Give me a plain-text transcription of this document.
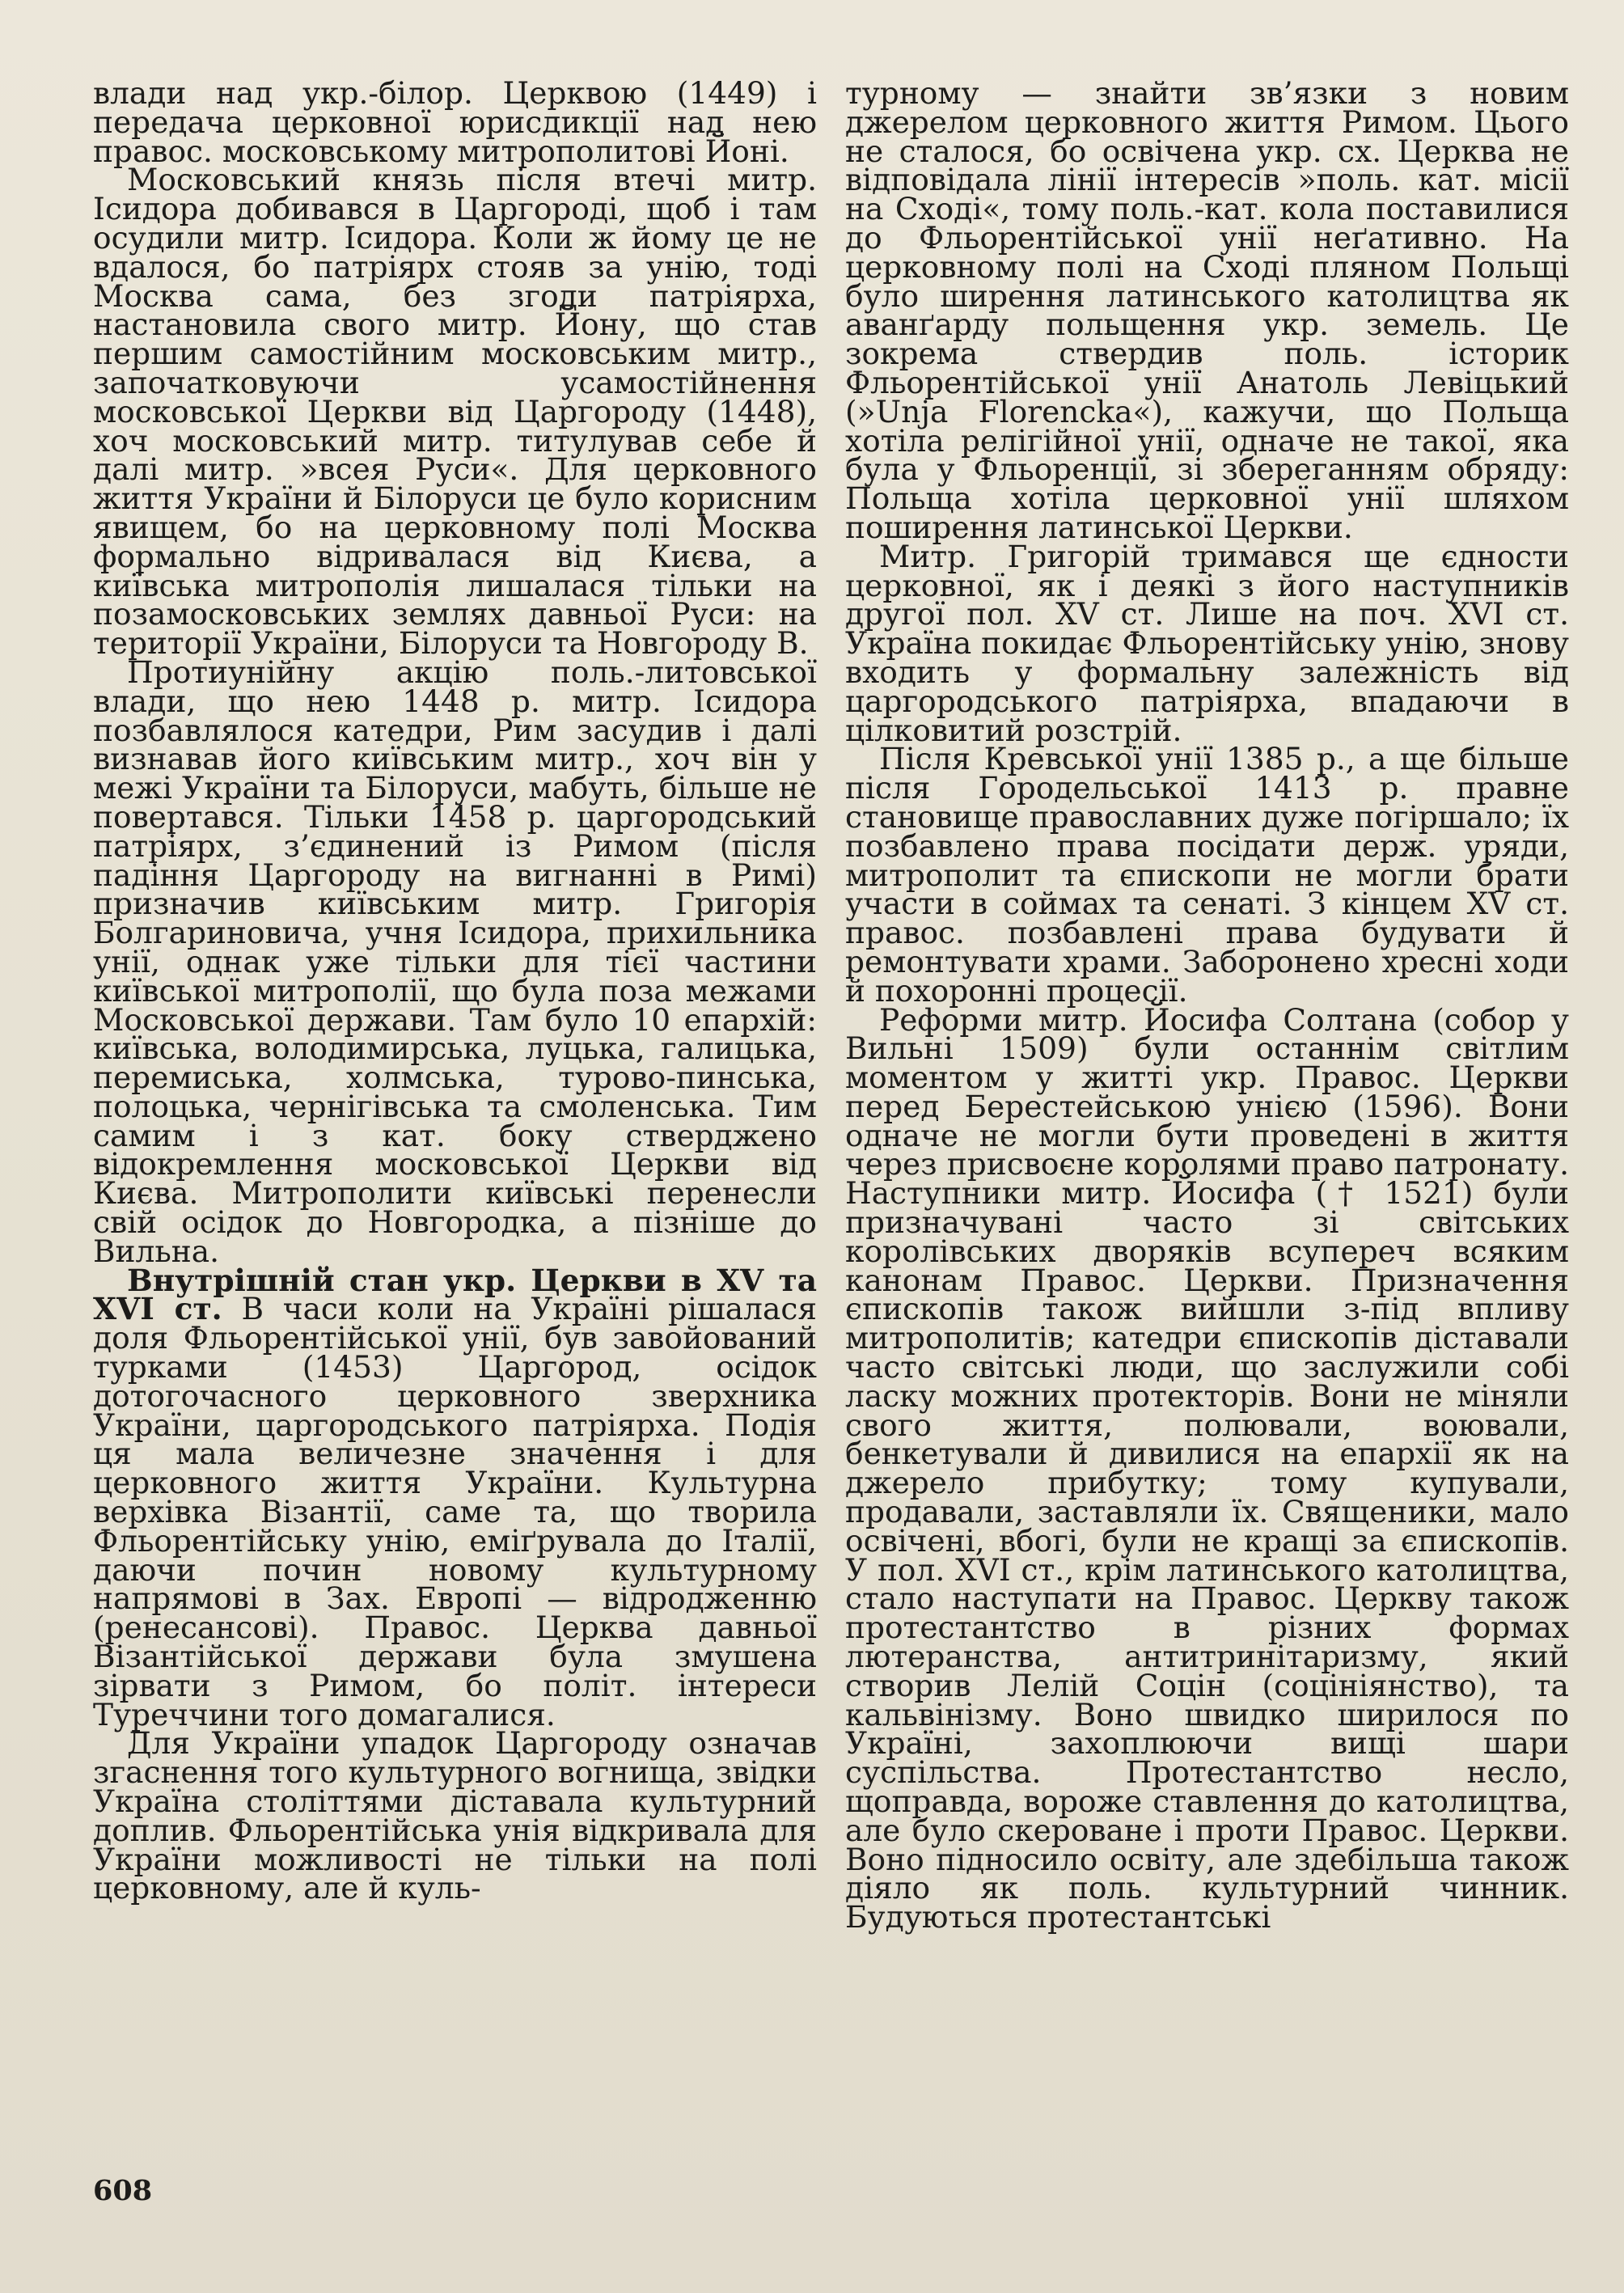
влади над укр.-білор. Церквою (1449) і передача церковної юрисдикції над нею правос. московському митрополитові Йоні.

Московський князь після втечі митр. Ісидора добивався в Царгороді, щоб і там осудили митр. Ісидора. Коли ж йому це не вдалося, бо патріярх стояв за унію, тоді Москва сама, без згоди патріярха, настановила свого митр. Йону, що став першим самостійним московським митр., започатковуючи усамостійнення московської Церкви від Царгороду (1448), хоч московський митр. титулував себе й далі митр. »всея Руси«. Для церковного життя України й Білоруси це було корисним явищем, бо на церковному полі Москва формально відривалася від Києва, а київська митрополія лишалася тільки на позамосковських землях давньої Руси: на території України, Білоруси та Новгороду В.

Протиунійну акцію поль.-литовської влади, що нею 1448 р. митр. Ісидора позбавлялося катедри, Рим засудив і далі визнавав його київським митр., хоч він у межі України та Білоруси, мабуть, більше не повертався. Тільки 1458 р. царгородський патріярх, з’єдинений із Римом (після падіння Царгороду на вигнанні в Римі) призначив київським митр. Григорія Болгариновича, учня Ісидора, прихильника унії, однак уже тільки для тієї частини київської митрополії, що була поза межами Московської держави. Там було 10 епархій: київська, володимирська, луцька, галицька, перемиська, холмська, турово-пинська, полоцька, чернігівська та смоленська. Тим самим і з кат. боку стверджено відокремлення московської Церкви від Києва. Митрополити київські перенесли свій осідок до Новгородка, а пізніше до Вильна.

Внутрішній стан укр. Церкви в XV та XVI ст. В часи коли на Україні рішалася доля Фльорентійської унії, був завойований турками (1453) Царгород, осідок дотогочасного церковного зверхника України, царгородського патріярха. Подія ця мала величезне значення і для церковного життя України. Культурна верхівка Візантії, саме та, що творила Фльорентійську унію, еміґрувала до Італії, даючи почин новому культурному напрямові в Зах. Европі — відродженню (ренесансові). Правос. Церква давньої Візантійської держави була змушена зірвати з Римом, бо політ. інтереси Туреччини того домагалися.

Для України упадок Царгороду означав згаснення того культурного вогнища, звідки Україна століттями діставала культурний доплив. Фльорентійська унія відкривала для України можливості не тільки на полі церковному, але й куль-

турному — знайти зв’язки з новим джерелом церковного життя Римом. Цього не сталося, бо освічена укр. сх. Церква не відповідала лінії інтересів »поль. кат. місії на Сході«, тому поль.-кат. кола поставилися до Фльорентійської унії неґативно. На церковному полі на Сході пляном Польщі було ширення латинського католицтва як аванґарду польщення укр. земель. Це зокрема ствердив поль. історик Фльорентійської унії Анатоль Левіцький (»Unja Florencka«), кажучи, що Польща хотіла релігійної унії, одначе не такої, яка була у Фльоренції, зі збереганням обряду: Польща хотіла церковної унії шляхом поширення латинської Церкви.

Митр. Григорій тримався ще єдности церковної, як і деякі з його наступників другої пол. XV ст. Лише на поч. XVI ст. Україна покидає Фльорентійську унію, знову входить у формальну залежність від царгородського патріярха, впадаючи в цілковитий розстрій.

Після Кревської унії 1385 р., а ще більше після Городельської 1413 р. правне становище православних дуже погіршало; їх позбавлено права посідати держ. уряди, митрополит та єпископи не могли брати участи в соймах та сенаті. З кінцем XV ст. правос. позбавлені права будувати й ремонтувати храми. Заборонено хресні ходи й похоронні процесії.

Реформи митр. Йосифа Солтана (собор у Вильні 1509) були останнім світлим моментом у житті укр. Правос. Церкви перед Берестейською унією (1596). Вони одначе не могли бути проведені в життя через присвоєне королями право патронату. Наступники митр. Йосифа († 1521) були призначувані часто зі світських королівських дворяків всупереч всяким канонам Правос. Церкви. Призначення єпископів також вийшли з-під впливу митрополитів; катедри єпископів діставали часто світські люди, що заслужили собі ласку можних протекторів. Вони не міняли свого життя, полювали, воювали, бенкетували й дивилися на епархії як на джерело прибутку; тому купували, продавали, заставляли їх. Священики, мало освічені, вбогі, були не кращі за єпископів. У пол. XVI ст., крім латинського католицтва, стало наступати на Правос. Церкву також протестантство в різних формах лютеранства, антитринітаризму, який створив Лелій Соцін (соцініянство), та кальвінізму. Воно швидко ширилося по Україні, захоплюючи вищі шари суспільства. Протестантство несло, щоправда, вороже ставлення до католицтва, але було скероване і проти Правос. Церкви. Воно підносило освіту, але здебільша також діяло як поль. культурний чинник. Будуються протестантські

608
